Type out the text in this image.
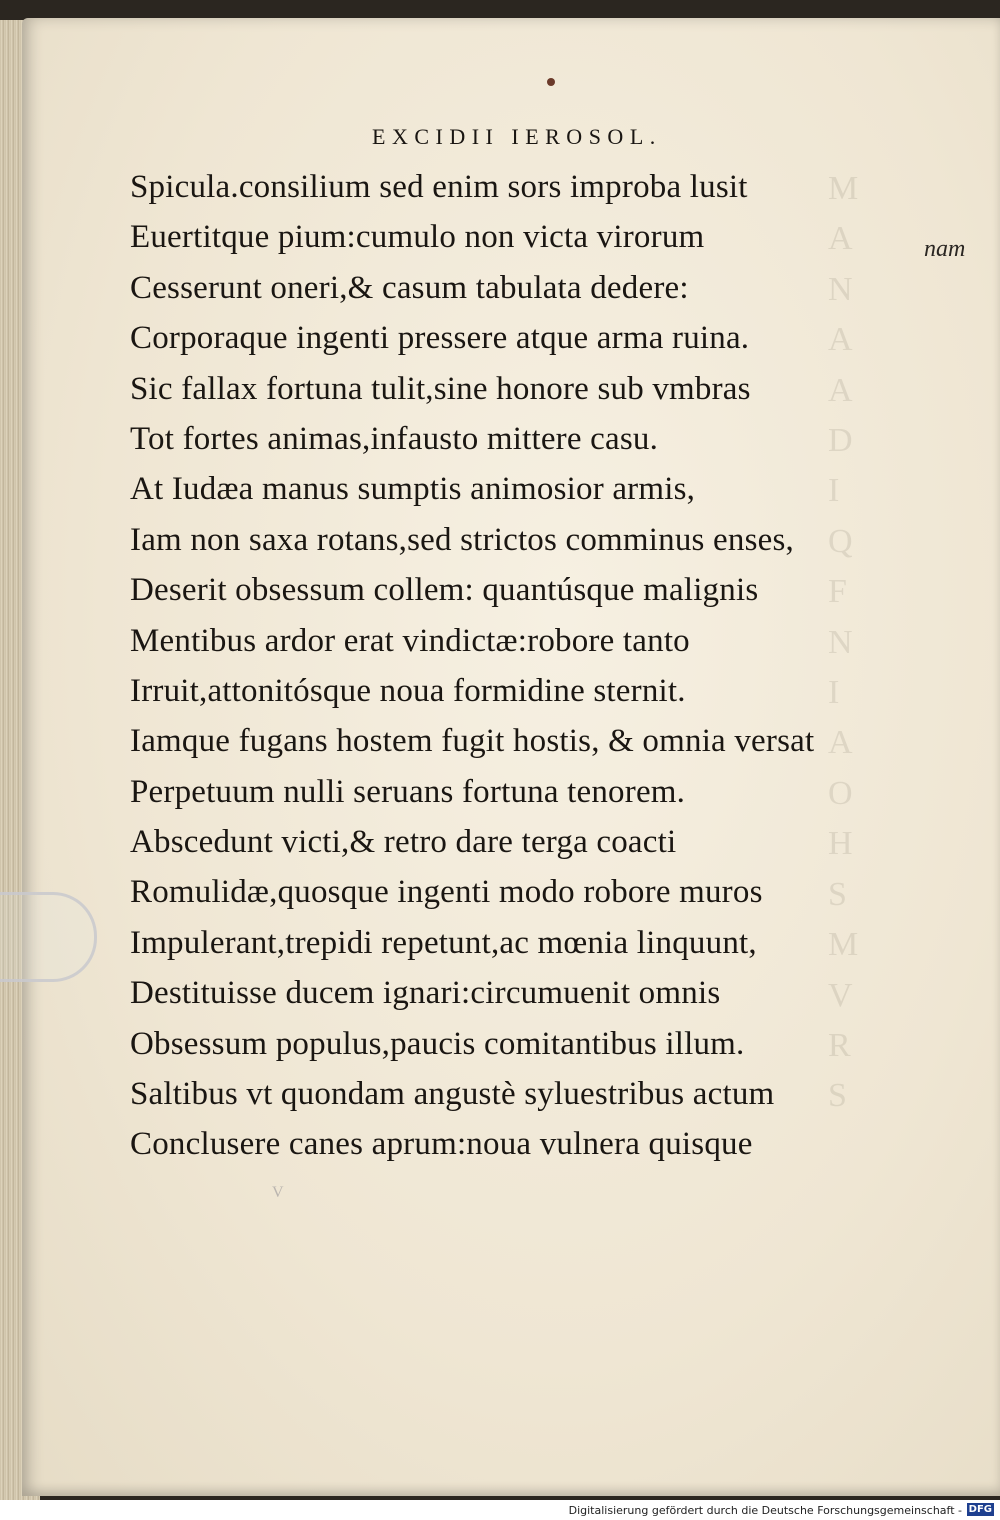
M
A
N
A
A
D
I
Q
F
N
I
A
O
H
S
M
V
R
S
EXCIDII IEROSOL.
Spicula.consilium sed enim sors improba lusit
Euertitque pium:cumulo non victa virorum
Cesserunt oneri,& casum tabulata dedere:
Corporaque ingenti pressere atque arma ruina.
Sic fallax fortuna tulit,sine honore sub vmbras
Tot fortes animas,infausto mittere casu.
At Iudæa manus sumptis animosior armis,
Iam non saxa rotans,sed strictos comminus enses,
Deserit obsessum collem: quantúsque malignis
Mentibus ardor erat vindictæ:robore tanto
Irruit,attonitósque noua formidine sternit.
Iamque fugans hostem fugit hostis, & omnia versat
Perpetuum nulli seruans fortuna tenorem.
Abscedunt victi,& retro dare terga coacti
Romulidæ,quosque ingenti modo robore muros
Impulerant,trepidi repetunt,ac mœnia linquunt,
Destituisse ducem ignari:circumuenit omnis
Obsessum populus,paucis comitantibus illum.
Saltibus vt quondam angustè syluestribus actum
Conclusere canes aprum:noua vulnera quisque
nam
V
Digitalisierung gefördert durch die Deutsche Forschungsgemeinschaft - DFG
